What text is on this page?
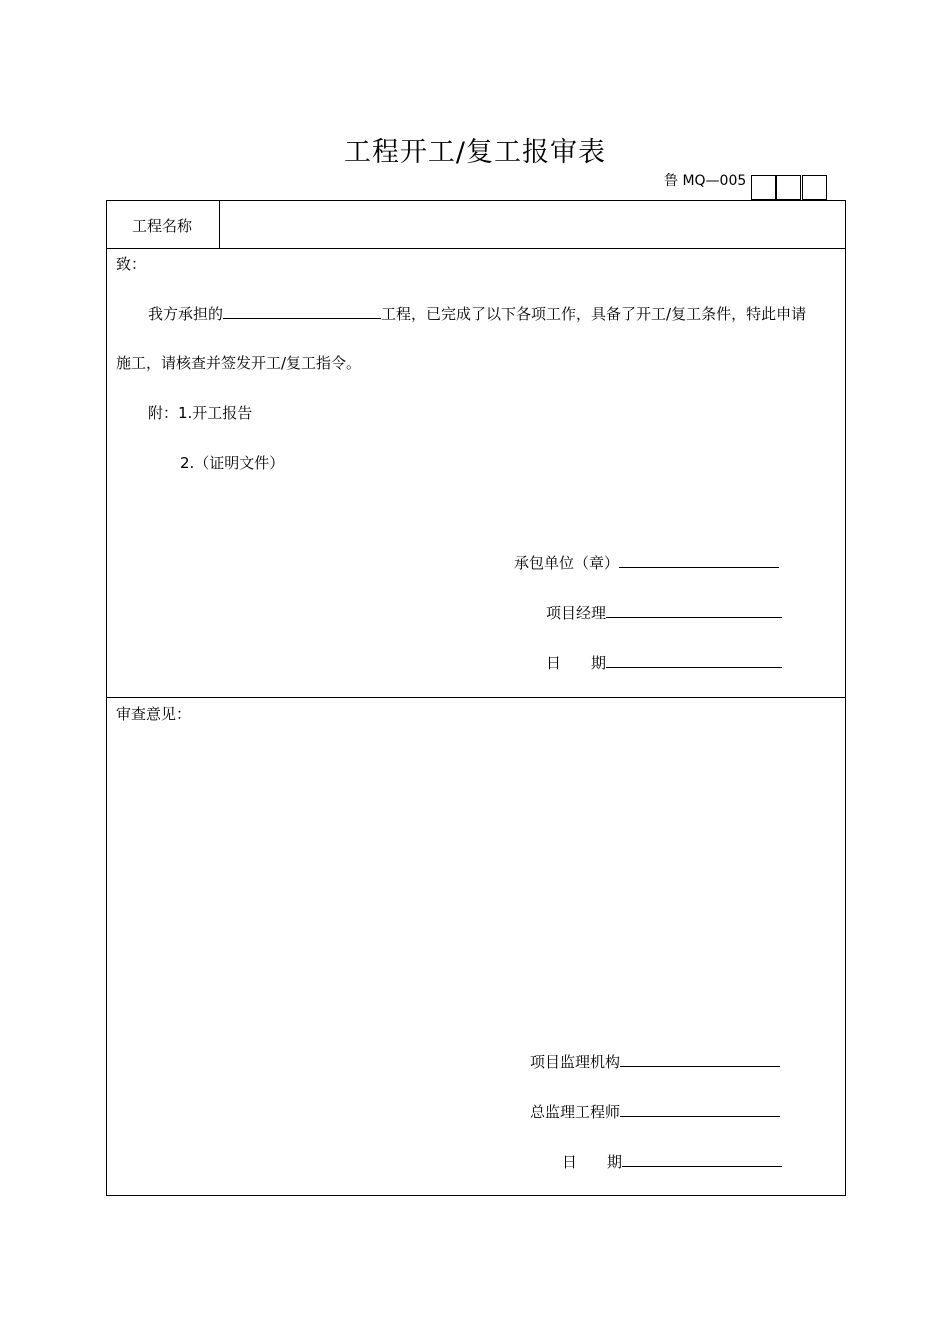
工程开工/复工报审表
鲁 MQ—005
工程名称
致：
我方承担的	工程，已完成了以下各项工作，具备了开工/复工条件，特此申请
施工，请核查并签发开工/复工指令。
附：1.开工报告
2.（证明文件）
承包单位（章）
项目经理
日　　期
审查意见：
项目监理机构
总监理工程师
日　　期
